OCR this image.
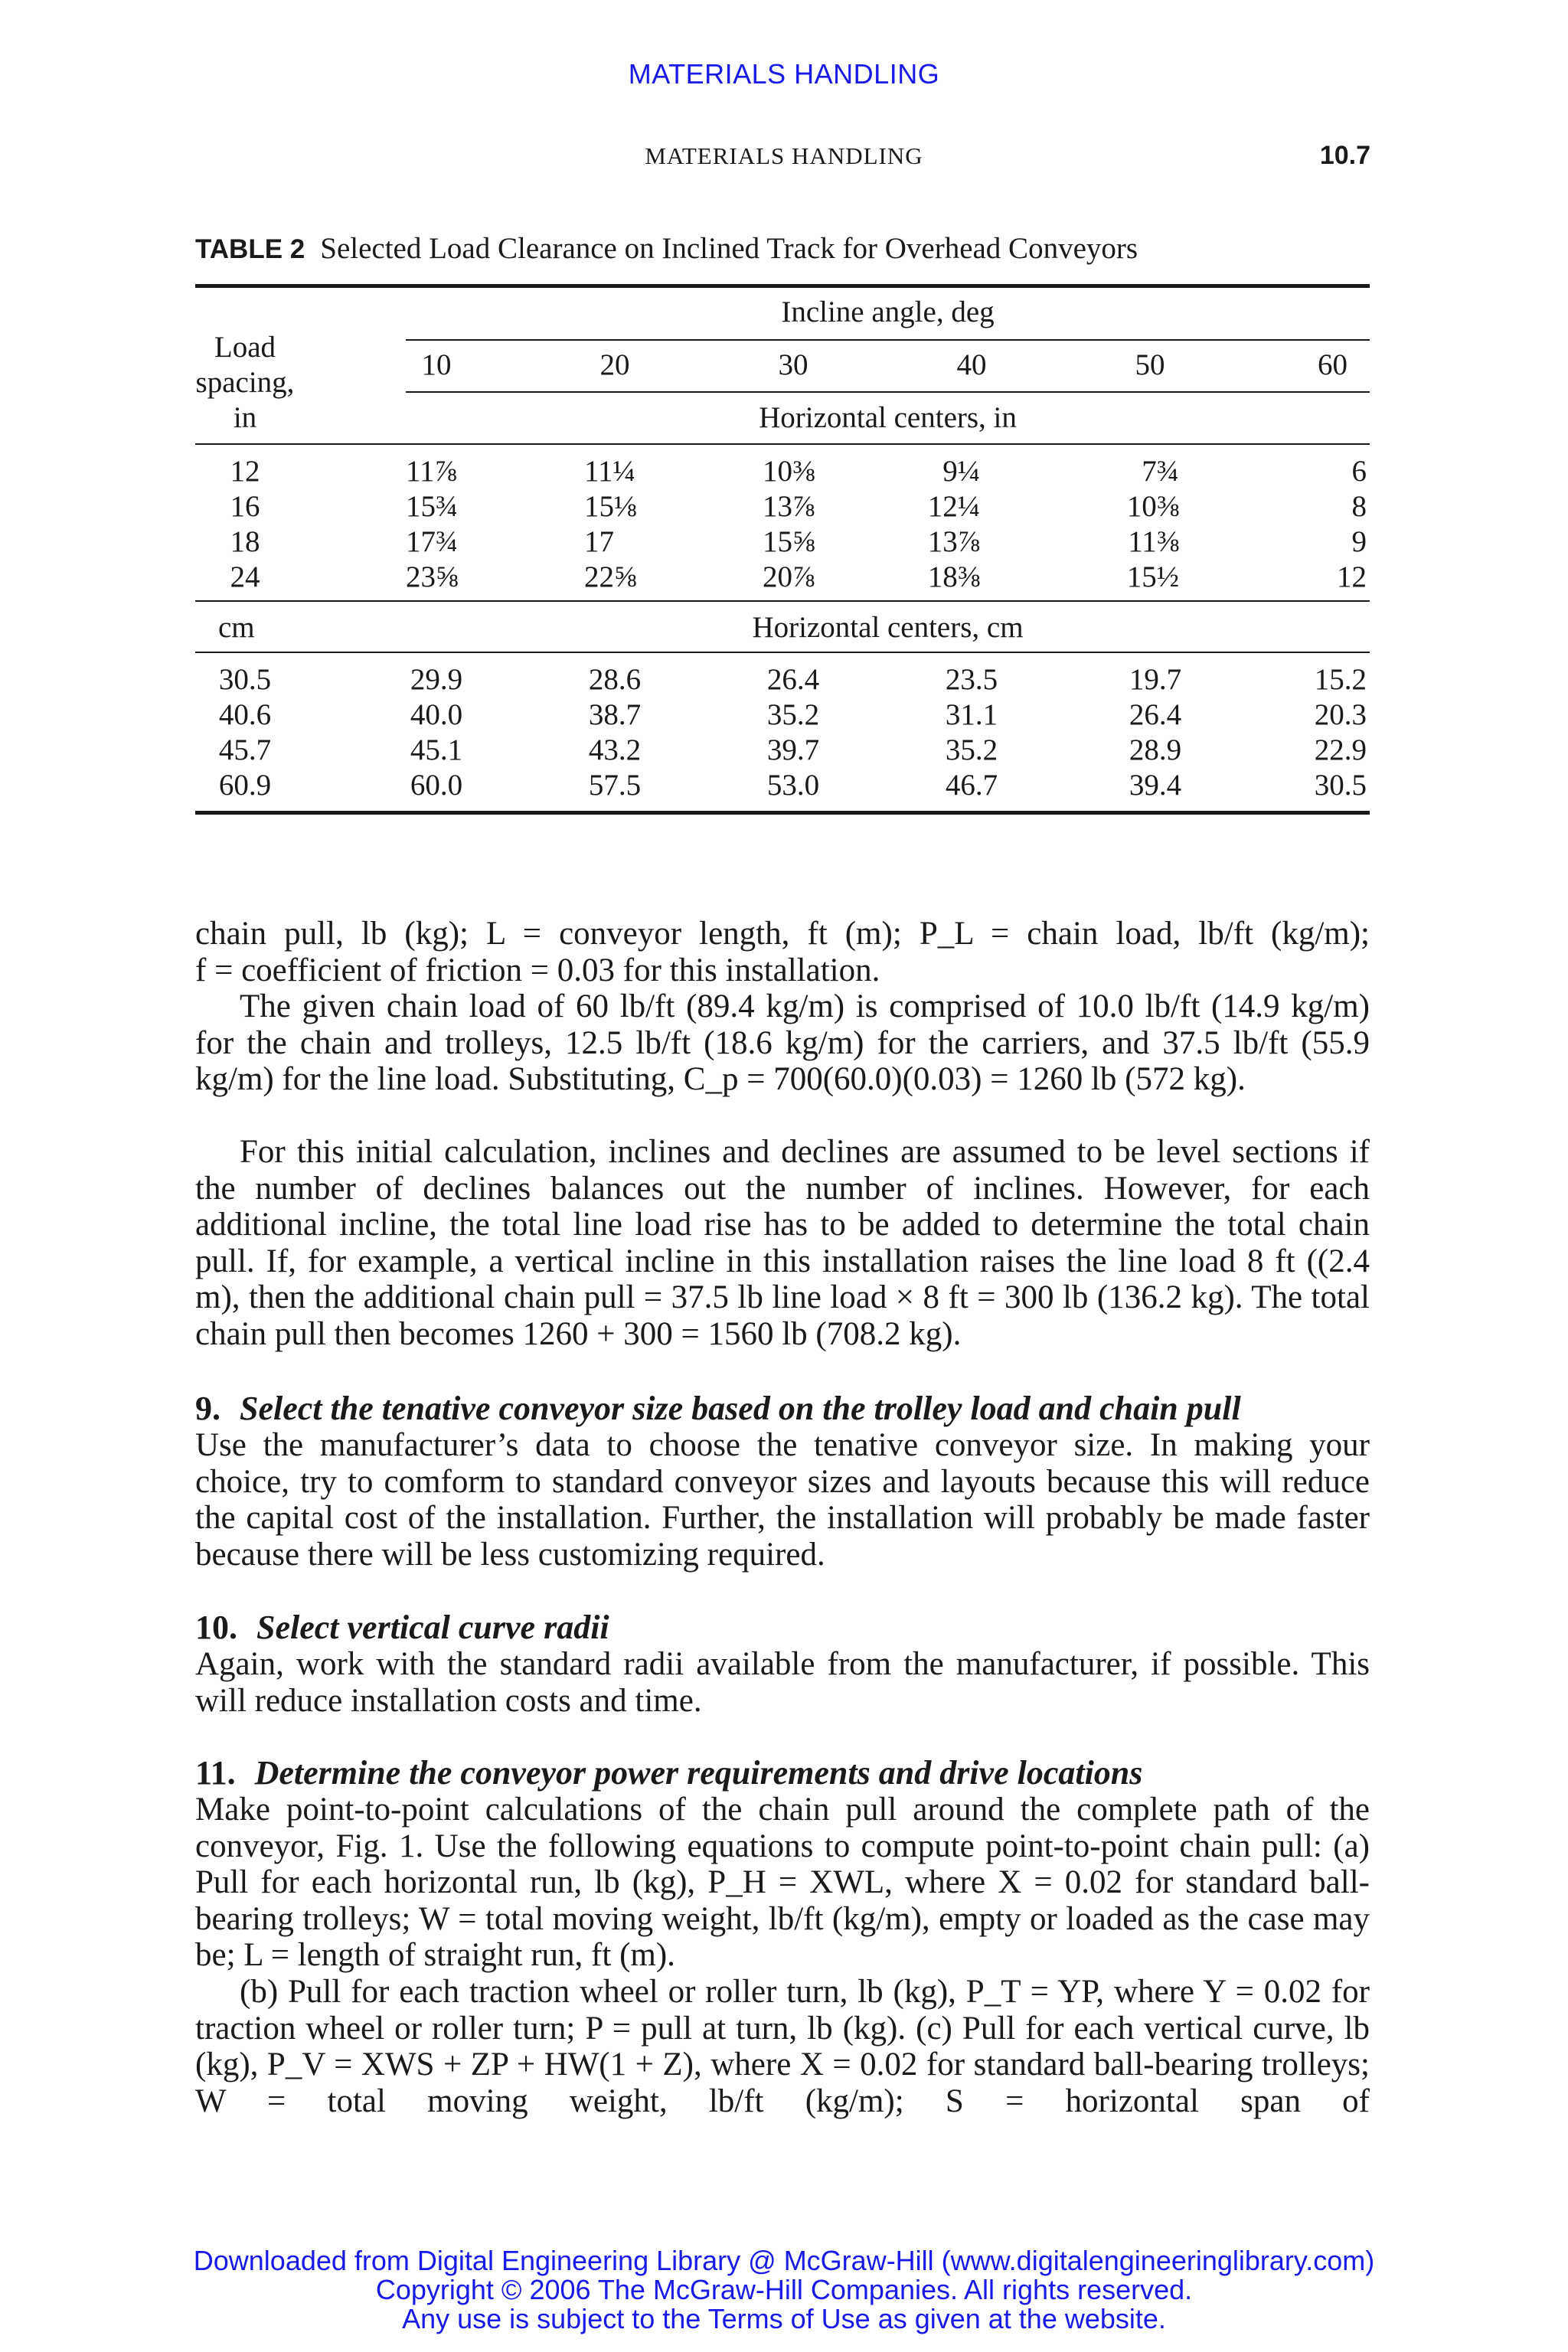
MATERIALS HANDLING
MATERIALS HANDLING	10.7
TABLE 2 Selected Load Clearance on Inclined Track for Overhead Conveyors
Load
spacing,
in
Incline angle, deg
10	20	30	40	50	60
Horizontal centers, in
12	11⅞	11¼	10⅜	9¼	7¾	6
16	15¾	15⅛	13⅞	12¼	10⅜	8
18	17¾	17	15⅝	13⅞	11⅜	9
24	23⅝	22⅝	20⅞	18⅜	15½	12
cm	Horizontal centers, cm
30.5	29.9	28.6	26.4	23.5	19.7	15.2
40.6	40.0	38.7	35.2	31.1	26.4	20.3
45.7	45.1	43.2	39.7	35.2	28.9	22.9
60.9	60.0	57.5	53.0	46.7	39.4	30.5
chain pull, lb (kg); L = conveyor length, ft (m); P_L = chain load, lb/ft (kg/m);
f = coefficient of friction = 0.03 for this installation.
The given chain load of 60 lb/ft (89.4 kg/m) is comprised of 10.0 lb/ft (14.9 kg/m) for the chain and trolleys, 12.5 lb/ft (18.6 kg/m) for the carriers, and 37.5 lb/ft (55.9 kg/m) for the line load. Substituting, C_p = 700(60.0)(0.03) = 1260 lb (572 kg).
For this initial calculation, inclines and declines are assumed to be level sections if the number of declines balances out the number of inclines. However, for each additional incline, the total line load rise has to be added to determine the total chain pull. If, for example, a vertical incline in this installation raises the line load 8 ft ((2.4 m), then the additional chain pull = 37.5 lb line load × 8 ft = 300 lb (136.2 kg). The total chain pull then becomes 1260 + 300 = 1560 lb (708.2 kg).
9. Select the tenative conveyor size based on the trolley load and chain pull
Use the manufacturer’s data to choose the tenative conveyor size. In making your choice, try to comform to standard conveyor sizes and layouts because this will reduce the capital cost of the installation. Further, the installation will probably be made faster because there will be less customizing required.
10. Select vertical curve radii
Again, work with the standard radii available from the manufacturer, if possible. This will reduce installation costs and time.
11. Determine the conveyor power requirements and drive locations
Make point-to-point calculations of the chain pull around the complete path of the conveyor, Fig. 1. Use the following equations to compute point-to-point chain pull: (a) Pull for each horizontal run, lb (kg), P_H = XWL, where X = 0.02 for standard ball-bearing trolleys; W = total moving weight, lb/ft (kg/m), empty or loaded as the case may be; L = length of straight run, ft (m).
(b) Pull for each traction wheel or roller turn, lb (kg), P_T = YP, where Y = 0.02 for traction wheel or roller turn; P = pull at turn, lb (kg). (c) Pull for each vertical curve, lb (kg), P_V = XWS + ZP + HW(1 + Z), where X = 0.02 for standard ball-bearing trolleys; W = total moving weight, lb/ft (kg/m); S = horizontal span of
Downloaded from Digital Engineering Library @ McGraw-Hill (www.digitalengineeringlibrary.com)
Copyright © 2006 The McGraw-Hill Companies. All rights reserved.
Any use is subject to the Terms of Use as given at the website.
